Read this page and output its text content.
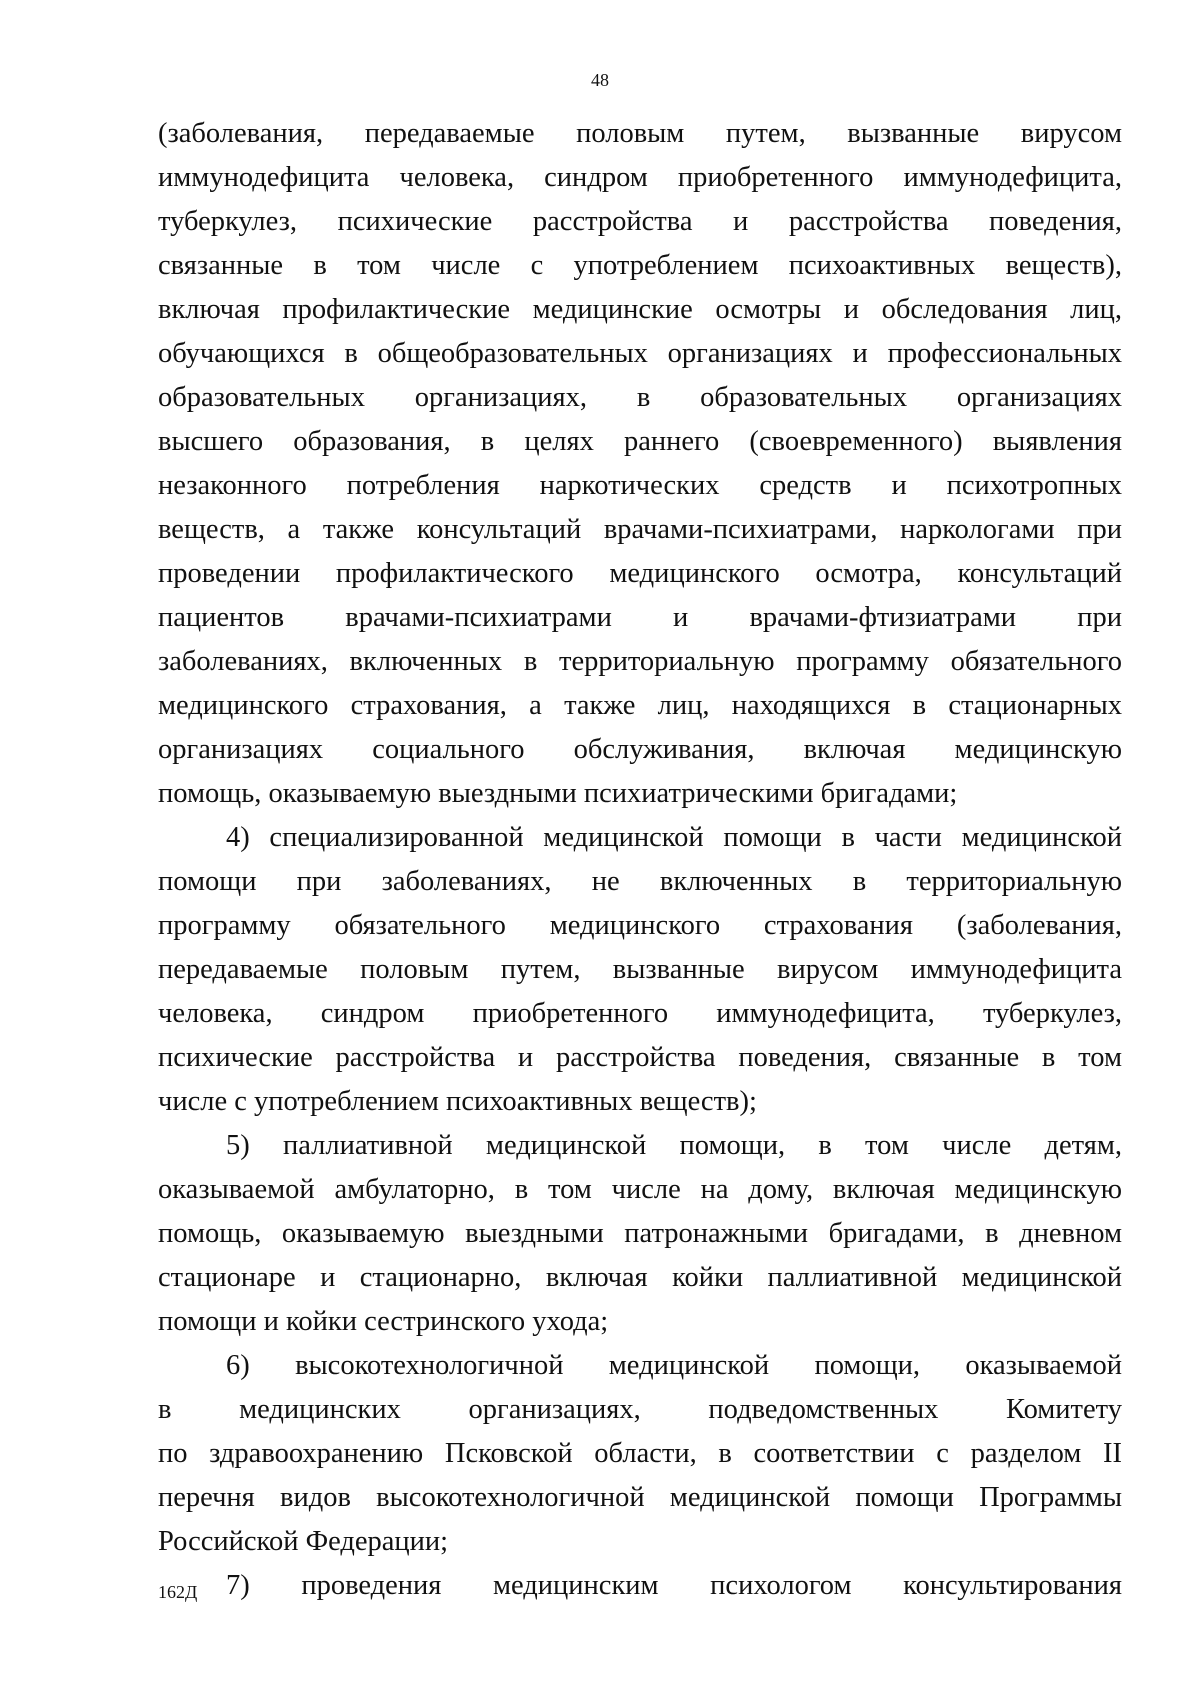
48
(заболевания, передаваемые половым путем, вызванные вирусом
иммунодефицита человека, синдром приобретенного иммунодефицита,
туберкулез, психические расстройства и расстройства поведения,
связанные в том числе с употреблением психоактивных веществ),
включая профилактические медицинские осмотры и обследования лиц,
обучающихся в общеобразовательных организациях и профессиональных
образовательных организациях, в образовательных организациях
высшего образования, в целях раннего (своевременного) выявления
незаконного потребления наркотических средств и психотропных
веществ, а также консультаций врачами-психиатрами, наркологами при
проведении профилактического медицинского осмотра, консультаций
пациентов врачами-психиатрами и врачами-фтизиатрами при
заболеваниях, включенных в территориальную программу обязательного
медицинского страхования, а также лиц, находящихся в стационарных
организациях социального обслуживания, включая медицинскую
помощь, оказываемую выездными психиатрическими бригадами;
4) специализированной медицинской помощи в части медицинской
помощи при заболеваниях, не включенных в территориальную
программу обязательного медицинского страхования (заболевания,
передаваемые половым путем, вызванные вирусом иммунодефицита
человека, синдром приобретенного иммунодефицита, туберкулез,
психические расстройства и расстройства поведения, связанные в том
числе с употреблением психоактивных веществ);
5) паллиативной медицинской помощи, в том числе детям,
оказываемой амбулаторно, в том числе на дому, включая медицинскую
помощь, оказываемую выездными патронажными бригадами, в дневном
стационаре и стационарно, включая койки паллиативной медицинской
помощи и койки сестринского ухода;
6) высокотехнологичной медицинской помощи, оказываемой
в медицинских организациях, подведомственных Комитету
по здравоохранению Псковской области, в соответствии с разделом II
перечня видов высокотехнологичной медицинской помощи Программы
Российской Федерации;
7) проведения медицинским психологом консультирования
162Д
